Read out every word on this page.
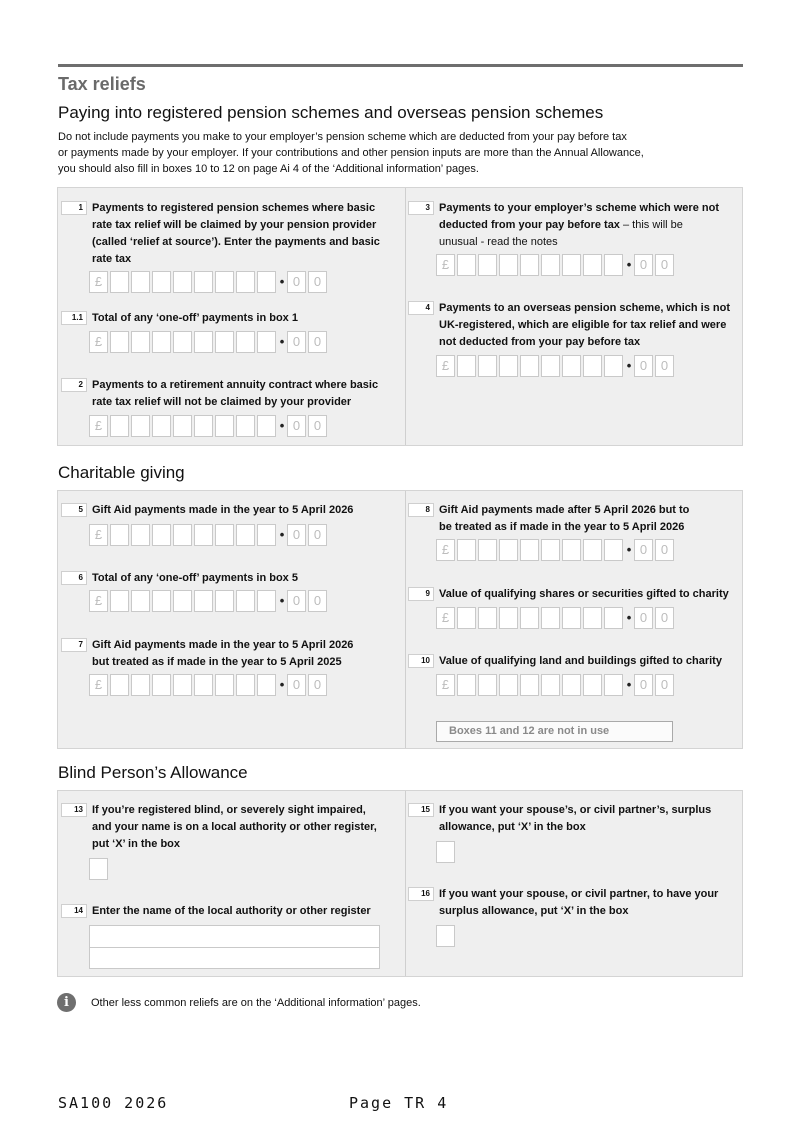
Tax reliefs
Paying into registered pension schemes and overseas pension schemes
Do not include payments you make to your employer’s pension scheme which are deducted from your pay before tax
or payments made by your employer. If your contributions and other pension inputs are more than the Annual Allowance,
you should also fill in boxes 10 to 12 on page Ai 4 of the ‘Additional information’ pages.
1 Payments to registered pension schemes where basic
rate tax relief will be claimed by your pension provider
(called ‘relief at source’). Enter the payments and basic
rate tax
£	• 0	0
1.1 Total of any ‘one-off’ payments in box 1
£	• 0	0
2 Payments to a retirement annuity contract where basic
rate tax relief will not be claimed by your provider
£	• 0	0
3 Payments to your employer’s scheme which were not
deducted from your pay before tax – this will be
unusual - read the notes
£	• 0	0
4 Payments to an overseas pension scheme, which is not
UK-registered, which are eligible for tax relief and were
not deducted from your pay before tax
£	• 0	0
Charitable giving
5 Gift Aid payments made in the year to 5 April 2026
£	• 0	0
6 Total of any ‘one-off’ payments in box 5
£	• 0	0
7 Gift Aid payments made in the year to 5 April 2026
but treated as if made in the year to 5 April 2025
£	• 0	0
8 Gift Aid payments made after 5 April 2026 but to
be treated as if made in the year to 5 April 2026
£	• 0	0
9 Value of qualifying shares or securities gifted to charity
£	• 0	0
10 Value of qualifying land and buildings gifted to charity
£	• 0	0
Boxes 11 and 12 are not in use
Blind Person’s Allowance
13 If you’re registered blind, or severely sight impaired,
and your name is on a local authority or other register,
put ‘X’ in the box
14 Enter the name of the local authority or other register
15 If you want your spouse’s, or civil partner’s, surplus
allowance, put ‘X’ in the box
16 If you want your spouse, or civil partner, to have your
surplus allowance, put ‘X’ in the box
i	Other less common reliefs are on the ‘Additional information’ pages.
SA100 2026	Page TR 4
